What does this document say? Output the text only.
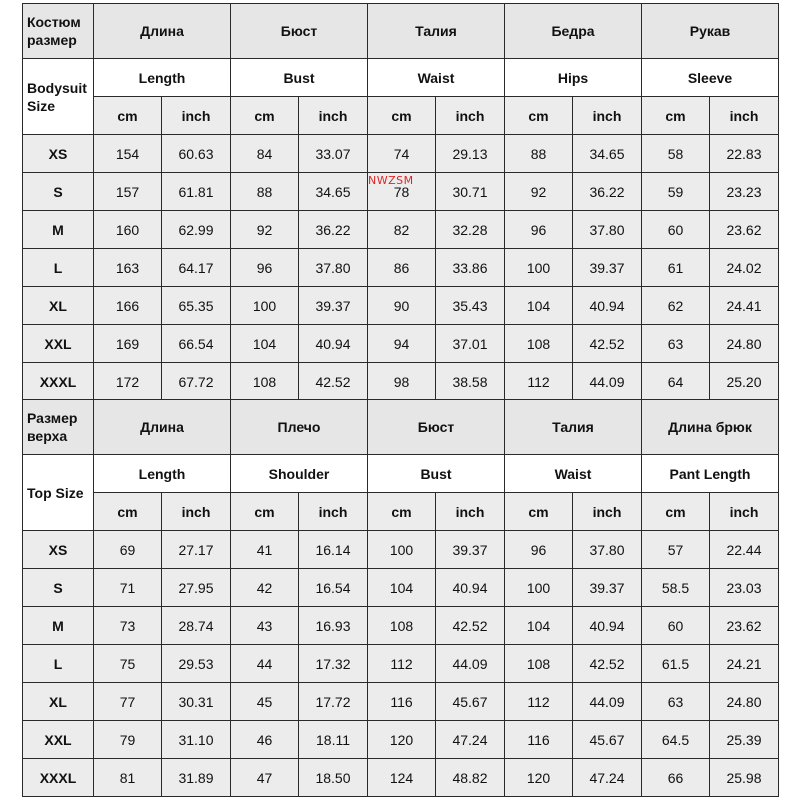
Костюм размер	Длина		Бюст		Талия		Бедра		Рукав	
Bodysuit Size	Length		Bust		Waist		Hips		Sleeve	
	cm	inch	cm	inch	cm	inch	cm	inch	cm	inch
XS	154	60.63	84	33.07	74	29.13	88	34.65	58	22.83
S	157	61.81	88	34.65	78	30.71	92	36.22	59	23.23
M	160	62.99	92	36.22	82	32.28	96	37.80	60	23.62
L	163	64.17	96	37.80	86	33.86	100	39.37	61	24.02
XL	166	65.35	100	39.37	90	35.43	104	40.94	62	24.41
XXL	169	66.54	104	40.94	94	37.01	108	42.52	63	24.80
XXXL	172	67.72	108	42.52	98	38.58	112	44.09	64	25.20
Размер верха	Длина		Плечо		Бюст		Талия		Длина брюк	
Top Size	Length		Shoulder		Bust		Waist		Pant Length	
	cm	inch	cm	inch	cm	inch	cm	inch	cm	inch
XS	69	27.17	41	16.14	100	39.37	96	37.80	57	22.44
S	71	27.95	42	16.54	104	40.94	100	39.37	58.5	23.03
M	73	28.74	43	16.93	108	42.52	104	40.94	60	23.62
L	75	29.53	44	17.32	112	44.09	108	42.52	61.5	24.21
XL	77	30.31	45	17.72	116	45.67	112	44.09	63	24.80
XXL	79	31.10	46	18.11	120	47.24	116	45.67	64.5	25.39
XXXL	81	31.89	47	18.50	124	48.82	120	47.24	66	25.98
NWZSM
